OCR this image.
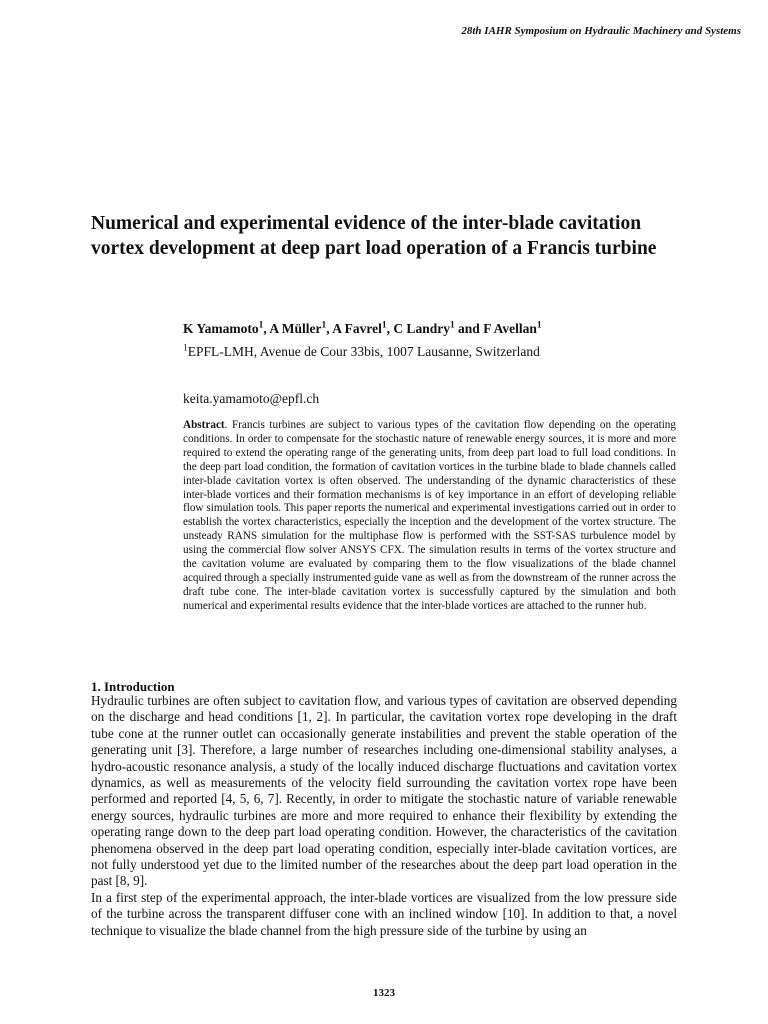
28th IAHR Symposium on Hydraulic Machinery and Systems
Numerical and experimental evidence of the inter-blade cavitation vortex development at deep part load operation of a Francis turbine
K Yamamoto$^1$, A Müller$^1$, A Favrel$^1$, C Landry$^1$ and F Avellan$^1$
$^1$EPFL-LMH, Avenue de Cour 33bis, 1007 Lausanne, Switzerland
keita.yamamoto@epfl.ch
Abstract. Francis turbines are subject to various types of the cavitation flow depending on the operating conditions. In order to compensate for the stochastic nature of renewable energy sources, it is more and more required to extend the operating range of the generating units, from deep part load to full load conditions. In the deep part load condition, the formation of cavitation vortices in the turbine blade to blade channels called inter-blade cavitation vortex is often observed. The understanding of the dynamic characteristics of these inter-blade vortices and their formation mechanisms is of key importance in an effort of developing reliable flow simulation tools. This paper reports the numerical and experimental investigations carried out in order to establish the vortex characteristics, especially the inception and the development of the vortex structure. The unsteady RANS simulation for the multiphase flow is performed with the SST-SAS turbulence model by using the commercial flow solver ANSYS CFX. The simulation results in terms of the vortex structure and the cavitation volume are evaluated by comparing them to the flow visualizations of the blade channel acquired through a specially instrumented guide vane as well as from the downstream of the runner across the draft tube cone. The inter-blade cavitation vortex is successfully captured by the simulation and both numerical and experimental results evidence that the inter-blade vortices are attached to the runner hub.
1. Introduction

Hydraulic turbines are often subject to cavitation flow, and various types of cavitation are observed depending on the discharge and head conditions [1, 2]. In particular, the cavitation vortex rope developing in the draft tube cone at the runner outlet can occasionally generate instabilities and prevent the stable operation of the generating unit [3]. Therefore, a large number of researches including one-dimensional stability analyses, a hydro-acoustic resonance analysis, a study of the locally induced discharge fluctuations and cavitation vortex dynamics, as well as measurements of the velocity field surrounding the cavitation vortex rope have been performed and reported [4, 5, 6, 7]. Recently, in order to mitigate the stochastic nature of variable renewable energy sources, hydraulic turbines are more and more required to enhance their flexibility by extending the operating range down to the deep part load operating condition. However, the characteristics of the cavitation phenomena observed in the deep part load operating condition, especially inter-blade cavitation vortices, are not fully understood yet due to the limited number of the researches about the deep part load operation in the past [8, 9].

In a first step of the experimental approach, the inter-blade vortices are visualized from the low pressure side of the turbine across the transparent diffuser cone with an inclined window [10]. In addition to that, a novel technique to visualize the blade channel from the high pressure side of the turbine by using an

1323
